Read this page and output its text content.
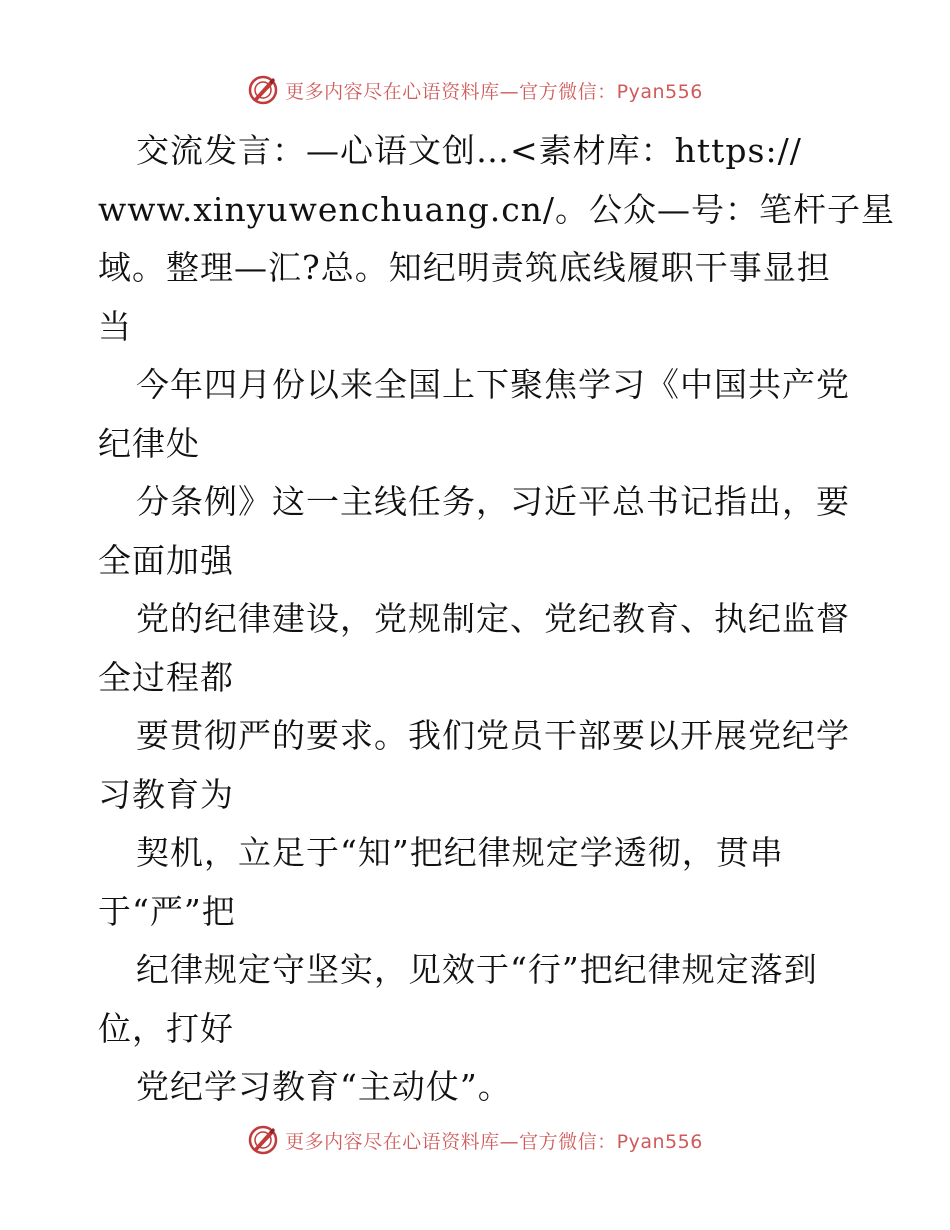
更多内容尽在心语资料库—官方微信：Pyan556
交流发言：—心语文创…<素材库：https://
www.xinyuwenchuang.cn/。公众—号：笔杆子星
域。整理—汇?总。知纪明责筑底线履职干事显担
当
今年四月份以来全国上下聚焦学习《中国共产党
纪律处
分条例》这一主线任务，习近平总书记指出，要
全面加强
党的纪律建设，党规制定、党纪教育、执纪监督
全过程都
要贯彻严的要求。我们党员干部要以开展党纪学
习教育为
契机，立足于“知”把纪律规定学透彻，贯串
于“严”把
纪律规定守坚实，见效于“行”把纪律规定落到
位，打好
党纪学习教育“主动仗”。
更多内容尽在心语资料库—官方微信：Pyan556
